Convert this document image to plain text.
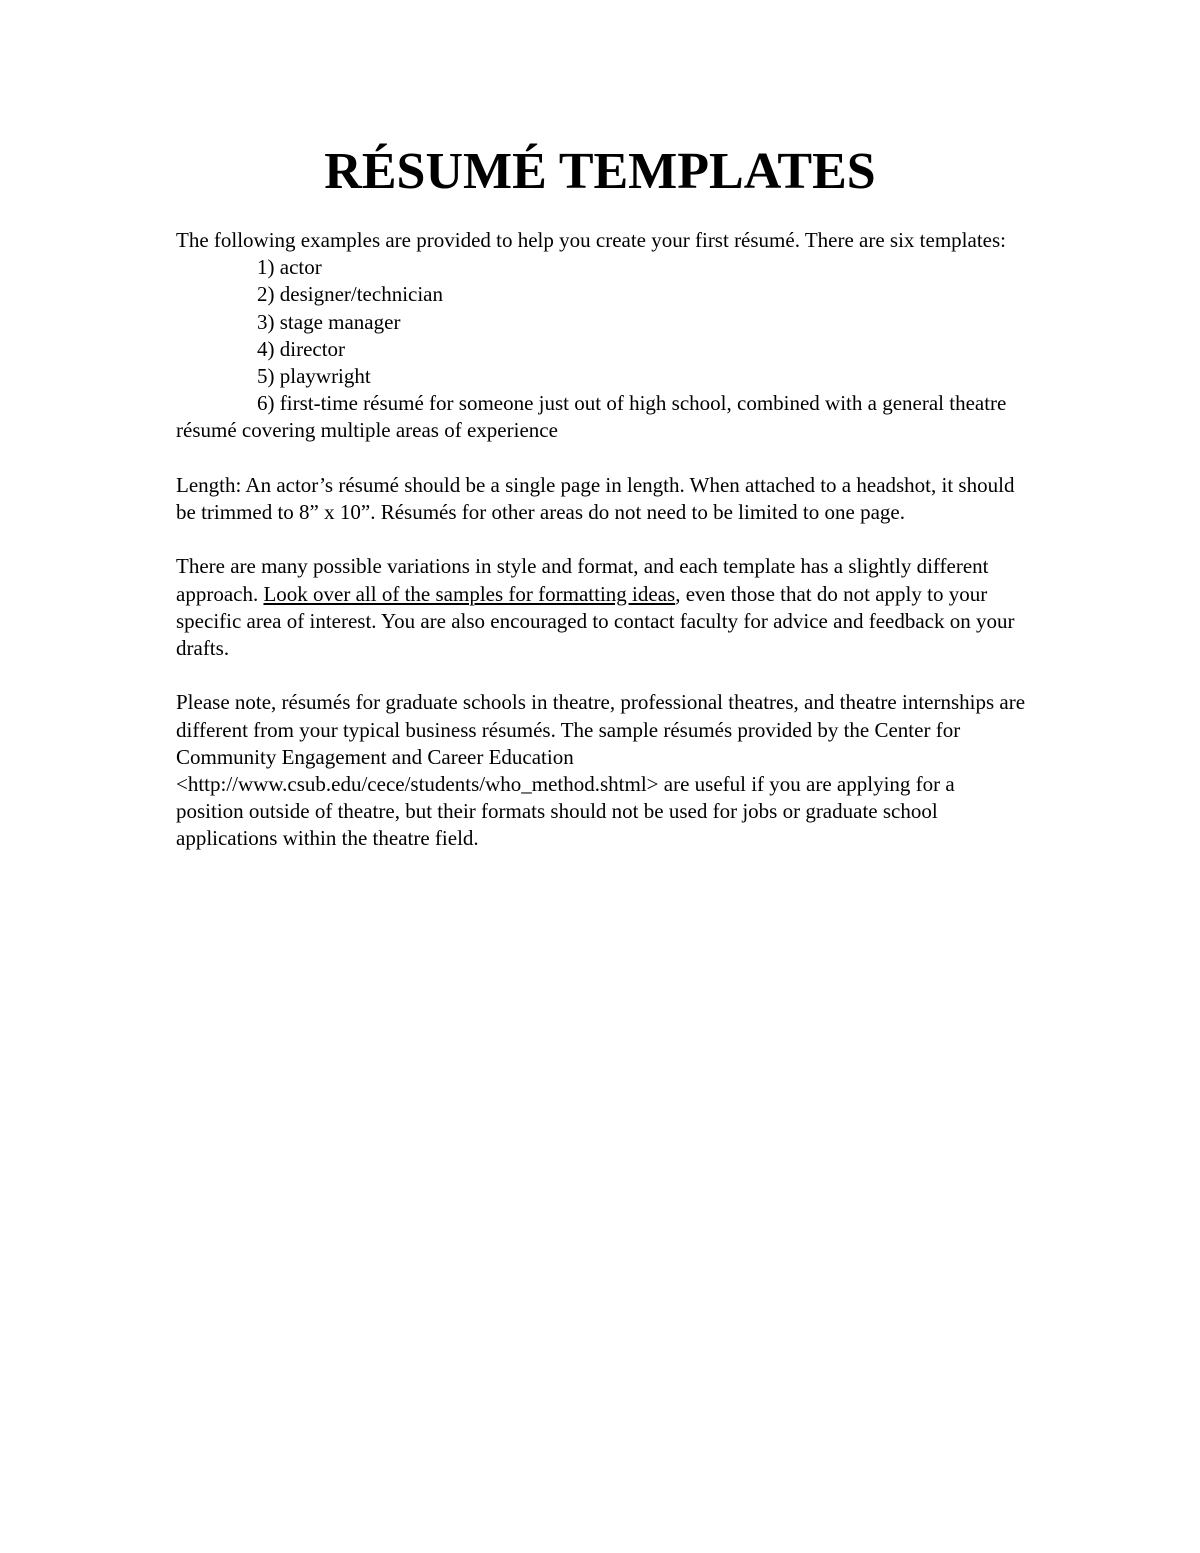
RÉSUMÉ TEMPLATES

The following examples are provided to help you create your first résumé. There are six templates:

1) actor
2) designer/technician
3) stage manager
4) director
5) playwright
6) first-time résumé for someone just out of high school, combined with a general theatre résumé covering multiple areas of experience

Length: An actor’s résumé should be a single page in length. When attached to a headshot, it should be trimmed to 8” x 10”. Résumés for other areas do not need to be limited to one page.

There are many possible variations in style and format, and each template has a slightly different approach. Look over all of the samples for formatting ideas, even those that do not apply to your specific area of interest. You are also encouraged to contact faculty for advice and feedback on your drafts.

Please note, résumés for graduate schools in theatre, professional theatres, and theatre internships are different from your typical business résumés. The sample résumés provided by the Center for Community Engagement and Career Education <http://www.csub.edu/cece/students/who_method.shtml> are useful if you are applying for a position outside of theatre, but their formats should not be used for jobs or graduate school applications within the theatre field.
